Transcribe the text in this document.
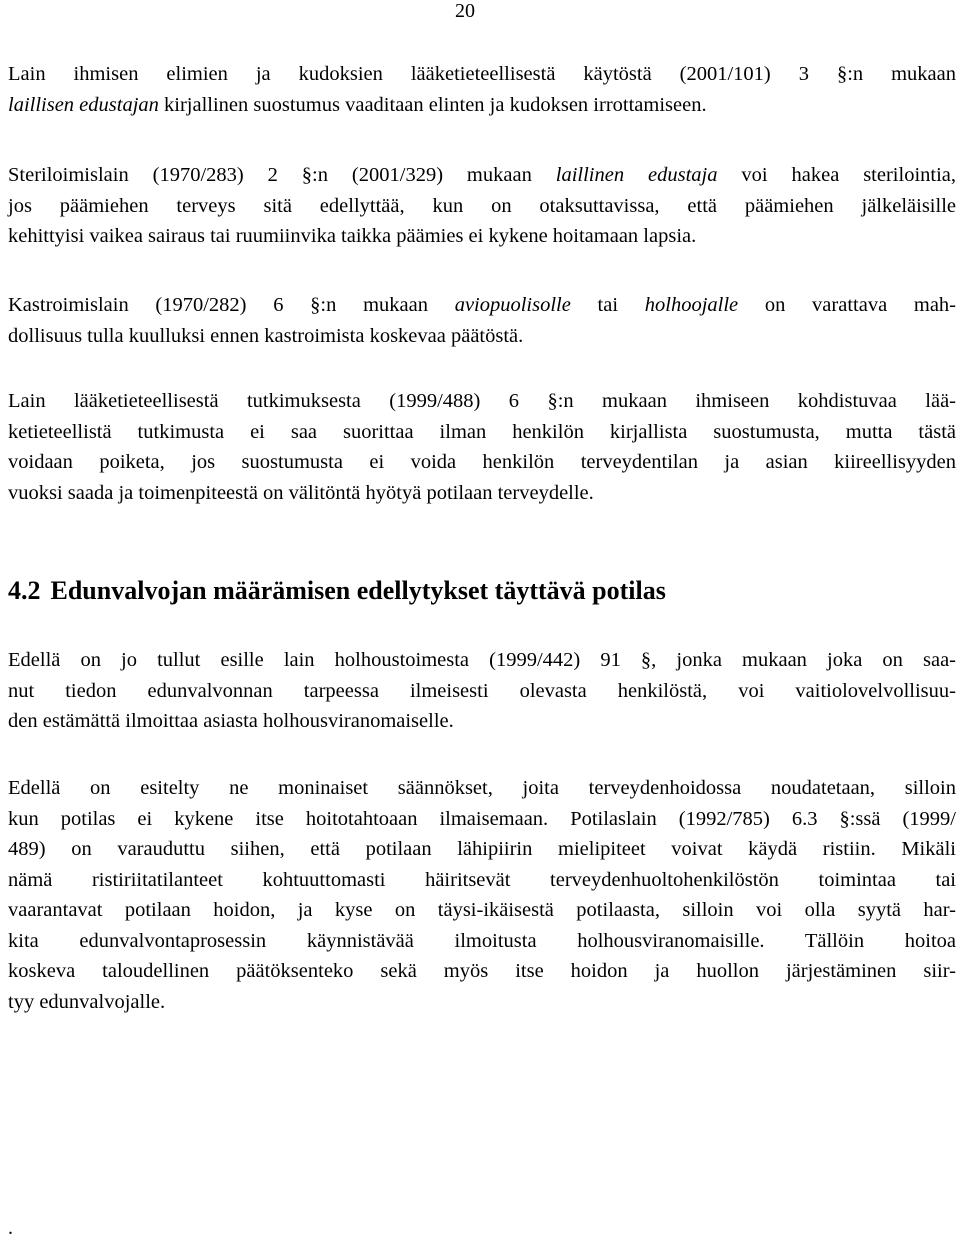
20
Lain ihmisen elimien ja kudoksien lääketieteellisestä käytöstä (2001/101) 3 §:n mukaan
laillisen edustajan kirjallinen suostumus vaaditaan elinten ja kudoksen irrottamiseen.
Steriloimislain (1970/283) 2 §:n (2001/329) mukaan laillinen edustaja voi hakea sterilointia,
jos päämiehen terveys sitä edellyttää, kun on otaksuttavissa, että päämiehen jälkeläisille
kehittyisi vaikea sairaus tai ruumiinvika taikka päämies ei kykene hoitamaan lapsia.
Kastroimislain (1970/282) 6 §:n mukaan aviopuolisolle tai holhoojalle on varattava mah-
dollisuus tulla kuulluksi ennen kastroimista koskevaa päätöstä.
Lain lääketieteellisestä tutkimuksesta (1999/488) 6 §:n mukaan ihmiseen kohdistuvaa lää-
ketieteellistä tutkimusta ei saa suorittaa ilman henkilön kirjallista suostumusta, mutta tästä
voidaan poiketa, jos suostumusta ei voida henkilön terveydentilan ja asian kiireellisyyden
vuoksi saada ja toimenpiteestä on välitöntä hyötyä potilaan terveydelle.
4.2 Edunvalvojan määrämisen edellytykset täyttävä potilas
Edellä on jo tullut esille lain holhoustoimesta (1999/442) 91 §, jonka mukaan joka on saa-
nut tiedon edunvalvonnan tarpeessa ilmeisesti olevasta henkilöstä, voi vaitiolovelvollisuu-
den estämättä ilmoittaa asiasta holhousviranomaiselle.
Edellä on esitelty ne moninaiset säännökset, joita terveydenhoidossa noudatetaan, silloin
kun potilas ei kykene itse hoitotahtoaan ilmaisemaan. Potilaslain (1992/785) 6.3 §:ssä (1999/
489) on varauduttu siihen, että potilaan lähipiirin mielipiteet voivat käydä ristiin. Mikäli
nämä ristiriitatilanteet kohtuuttomasti häiritsevät terveydenhuoltohenkilöstön toimintaa tai
vaarantavat potilaan hoidon, ja kyse on täysi-ikäisestä potilaasta, silloin voi olla syytä har-
kita edunvalvontaprosessin käynnistävää ilmoitusta holhousviranomaisille. Tällöin hoitoa
koskeva taloudellinen päätöksenteko sekä myös itse hoidon ja huollon järjestäminen siir-
tyy edunvalvojalle.
.
